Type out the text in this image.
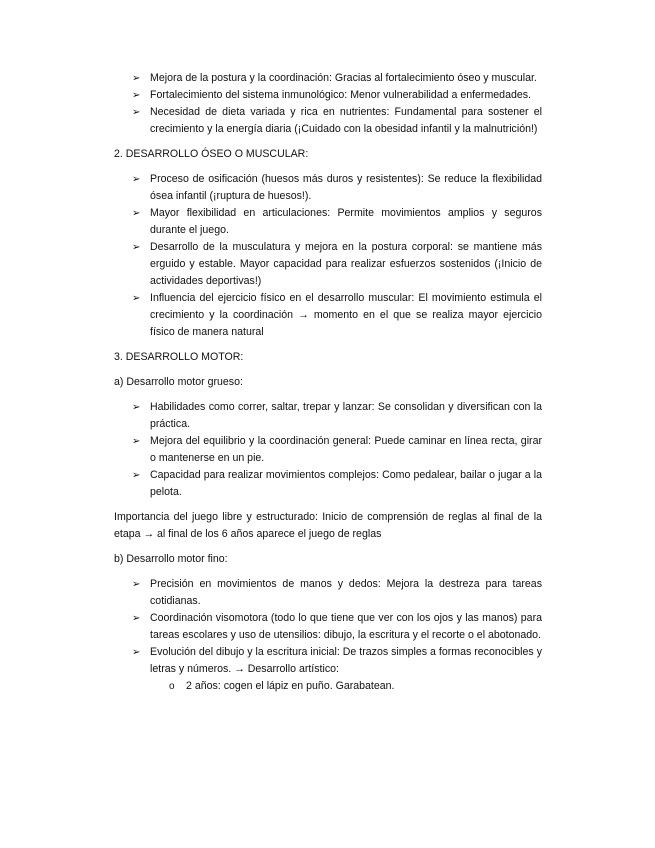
➢ Mejora de la postura y la coordinación: Gracias al fortalecimiento óseo y muscular.
➢ Fortalecimiento del sistema inmunológico: Menor vulnerabilidad a enfermedades.
➢ Necesidad de dieta variada y rica en nutrientes: Fundamental para sostener el crecimiento y la energía diaria (¡Cuidado con la obesidad infantil y la malnutrición!)
2. DESARROLLO ÓSEO O MUSCULAR:
➢ Proceso de osificación (huesos más duros y resistentes): Se reduce la flexibilidad ósea infantil (¡ruptura de huesos!).
➢ Mayor flexibilidad en articulaciones: Permite movimientos amplios y seguros durante el juego.
➢ Desarrollo de la musculatura y mejora en la postura corporal: se mantiene más erguido y estable. Mayor capacidad para realizar esfuerzos sostenidos (¡Inicio de actividades deportivas!)
➢ Influencia del ejercicio físico en el desarrollo muscular: El movimiento estimula el crecimiento y la coordinación → momento en el que se realiza mayor ejercicio físico de manera natural
3. DESARROLLO MOTOR:
a) Desarrollo motor grueso:
➢ Habilidades como correr, saltar, trepar y lanzar: Se consolidan y diversifican con la práctica.
➢ Mejora del equilibrio y la coordinación general: Puede caminar en línea recta, girar o mantenerse en un pie.
➢ Capacidad para realizar movimientos complejos: Como pedalear, bailar o jugar a la pelota.
Importancia del juego libre y estructurado: Inicio de comprensión de reglas al final de la etapa → al final de los 6 años aparece el juego de reglas
b) Desarrollo motor fino:
➢ Precisión en movimientos de manos y dedos: Mejora la destreza para tareas cotidianas.
➢ Coordinación visomotora (todo lo que tiene que ver con los ojos y las manos) para tareas escolares y uso de utensilios: dibujo, la escritura y el recorte o el abotonado.
➢ Evolución del dibujo y la escritura inicial: De trazos simples a formas reconocibles y letras y números. → Desarrollo artístico:
o 2 años: cogen el lápiz en puño. Garabatean.
